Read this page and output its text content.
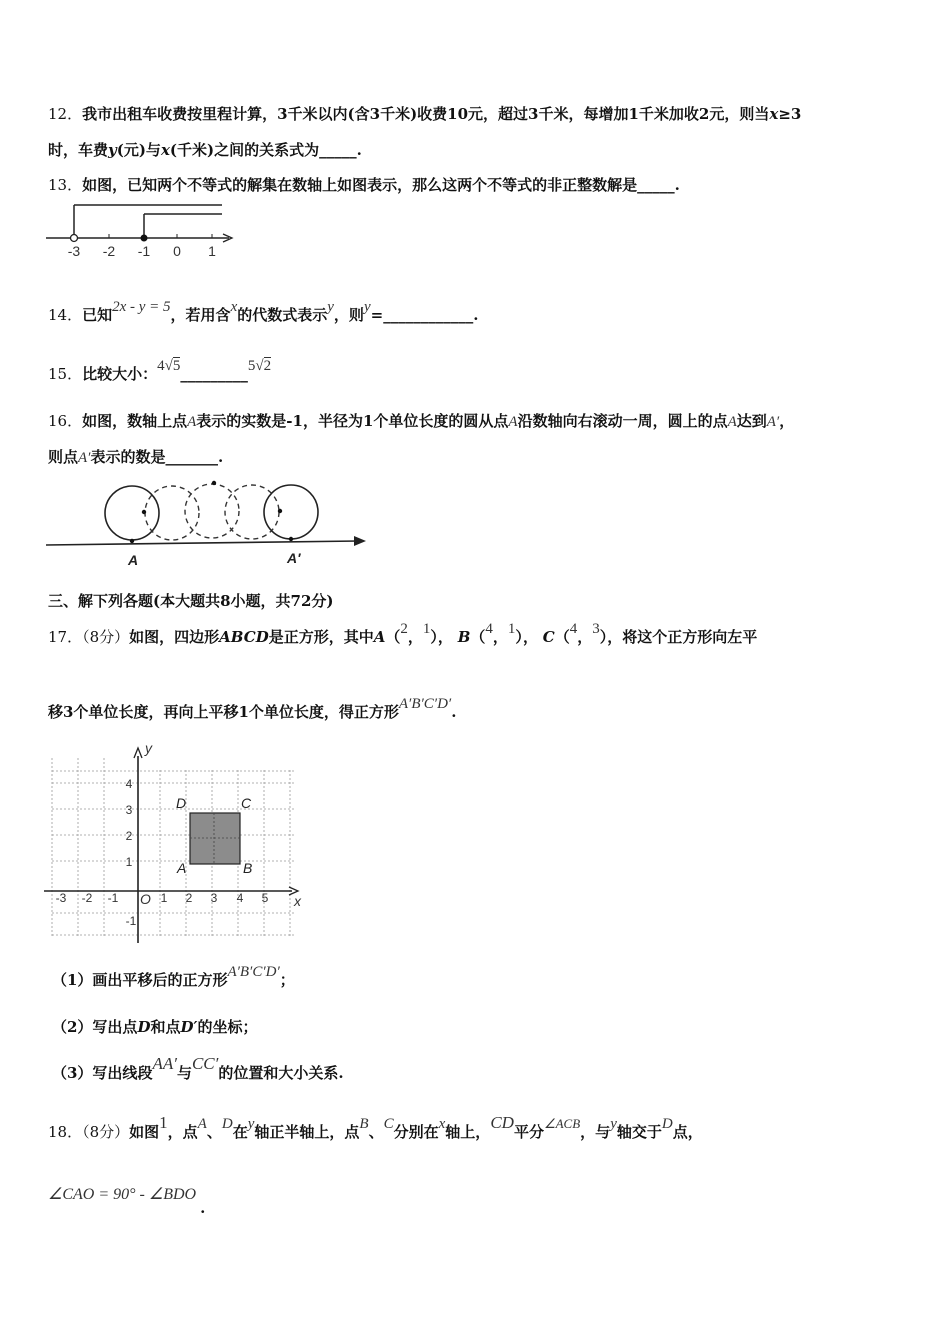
12．我市出租车收费按里程计算，3千米以内(含3千米)收费10元，超过3千米，每增加1千米加收2元，则当x≥3
时，车费y(元)与x(千米)之间的关系式为_____.
13．如图，已知两个不等式的解集在数轴上如图表示，那么这两个不等式的非正整数解是_____.
-3 -2 -1 0 1
14．已知2x - y = 5，若用含x的代数式表示y，则y=____________.
15．比较大小：4√5_________5√2
16．如图，数轴上点A表示的实数是-1，半径为1个单位长度的圆从点A沿数轴向右滚动一周，圆上的点A达到A′，
则点A′表示的数是_______.
A	A′
三、解下列各题(本大题共8小题，共72分)
17．（8分）如图，四边形ABCD是正方形，其中A（2，1）， B（4，1）， C（4，3），将这个正方形向左平
移3个单位长度，再向上平移1个单位长度，得正方形A′B′C′D′.
y
x
O
-3 -2 -1	1 2 3 4 5
4
3
2
1
-1
A	B
C
D
（1）画出平移后的正方形A′B′C′D′；
（2）写出点D和点D′的坐标；
（3）写出线段AA′与CC′的位置和大小关系.
18．（8分）如图1，点A、D在y轴正半轴上，点B、C分别在x轴上，CD平分∠ACB，与y轴交于D点，
∠CAO = 90° - ∠BDO.
